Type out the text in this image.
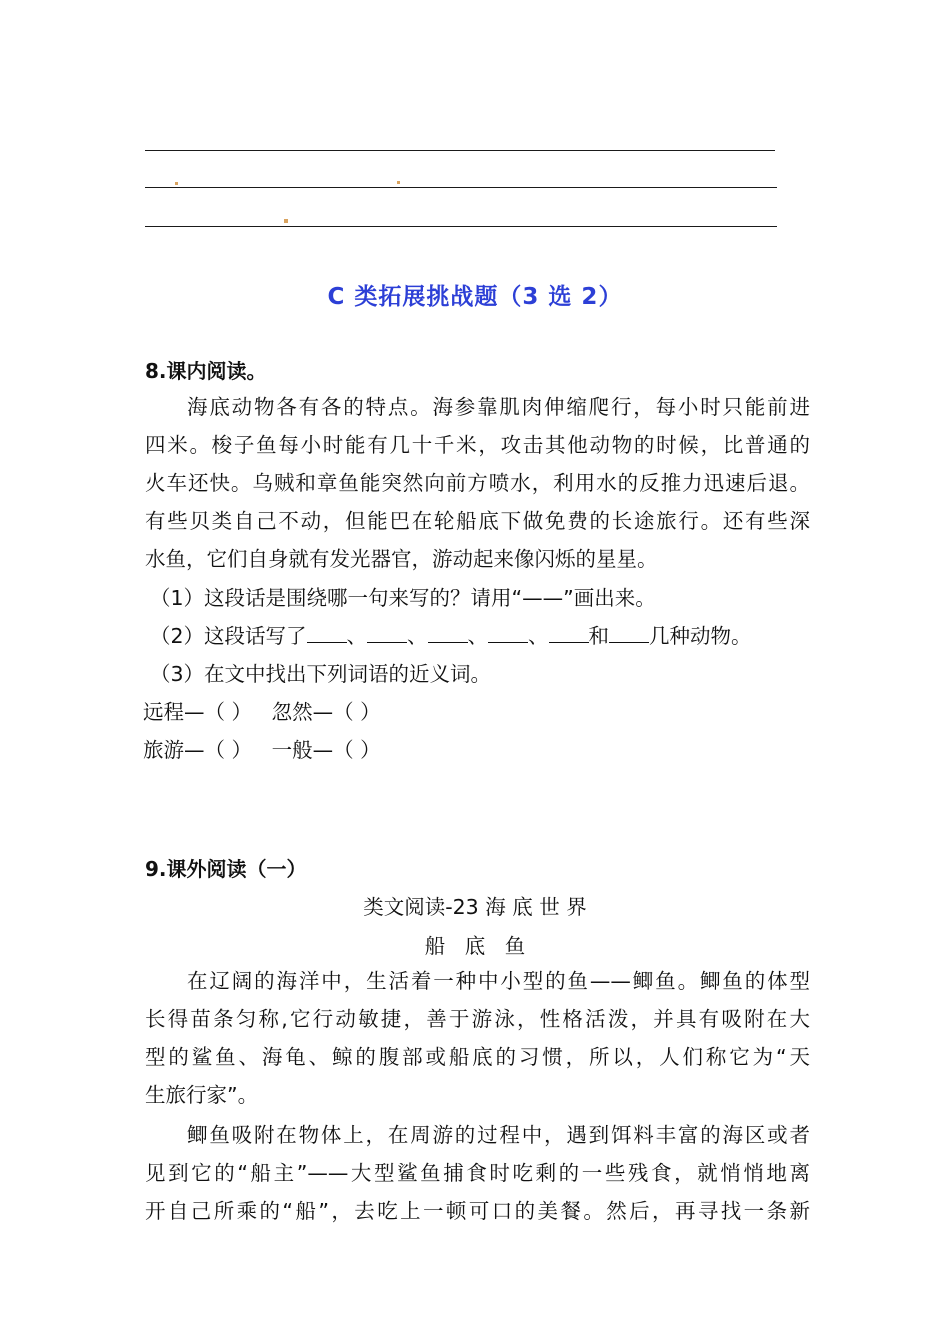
C 类拓展挑战题（3 选 2）
8.课内阅读。
海底动物各有各的特点。海参靠肌肉伸缩爬行，每小时只能前进
四米。梭子鱼每小时能有几十千米，攻击其他动物的时候，比普通的
火车还快。乌贼和章鱼能突然向前方喷水，利用水的反推力迅速后退。
有些贝类自己不动，但能巴在轮船底下做免费的长途旅行。还有些深
水鱼，它们自身就有发光器官，游动起来像闪烁的星星。
（1）这段话是围绕哪一句来写的？请用“——”画出来。
（2）这段话写了 、 、 、 、 和 几种动物。
（3）在文中找出下列词语的近义词。
远程—（ ）   忽然—（ ）
旅游—（ ）   一般—（ ）
9.课外阅读（一）
类文阅读-23 海 底 世 界
船   底   鱼
在辽阔的海洋中，生活着一种中小型的鱼——鲫鱼。鲫鱼的体型
长得苗条匀称,它行动敏捷，善于游泳，性格活泼，并具有吸附在大
型的鲨鱼、海龟、鲸的腹部或船底的习惯，所以，人们称它为“天
生旅行家”。
鲫鱼吸附在物体上，在周游的过程中，遇到饵料丰富的海区或者
见到它的“船主”——大型鲨鱼捕食时吃剩的一些残食，就悄悄地离
开自己所乘的“船”，去吃上一顿可口的美餐。然后，再寻找一条新
